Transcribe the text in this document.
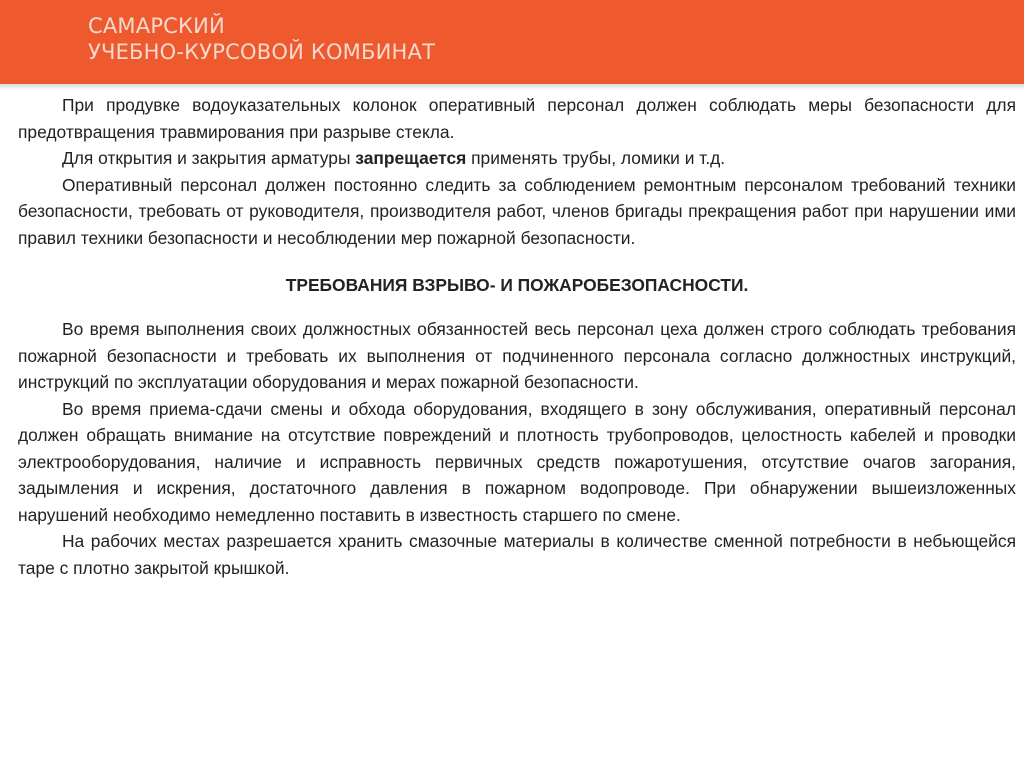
САМАРСКИЙ
УЧЕБНО-КУРСОВОЙ КОМБИНАТ

При продувке водоуказательных колонок оперативный персонал должен соблюдать меры безопасности для предотвращения травмирования при разрыве стекла.

Для открытия и закрытия арматуры запрещается применять трубы, ломики и т.д.

Оперативный персонал должен постоянно следить за соблюдением ремонтным персоналом требований техники безопасности, требовать от руководителя, производителя работ, членов бригады прекращения работ при нарушении ими правил техники безопасности и несоблюдении мер пожарной безопасности.

ТРЕБОВАНИЯ ВЗРЫВО- И ПОЖАРОБЕЗОПАСНОСТИ.

Во время выполнения своих должностных обязанностей весь персонал цеха должен строго соблюдать требования пожарной безопасности и требовать их выполнения от подчиненного персонала согласно должностных инструкций, инструкций по эксплуатации оборудования и мерах пожарной безопасности.

Во время приема-сдачи смены и обхода оборудования, входящего в зону обслуживания, оперативный персонал должен обращать внимание на отсутствие повреждений и плотность трубопроводов, целостность кабелей и проводки электрооборудования, наличие и исправность первичных средств пожаротушения, отсутствие очагов загорания, задымления и искрения, достаточного давления в пожарном водопроводе. При обнаружении вышеизложенных нарушений необходимо немедленно поставить в известность старшего по смене.

На рабочих местах разрешается хранить смазочные материалы в количестве сменной потребности в небьющейся таре с плотно закрытой крышкой.
